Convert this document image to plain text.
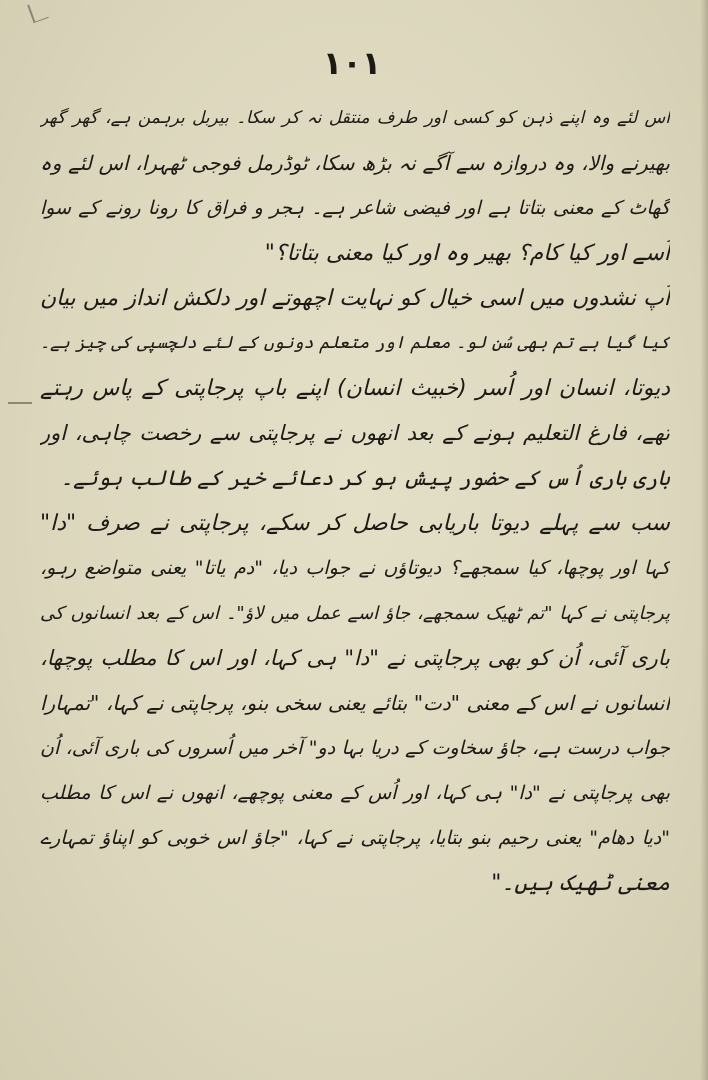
۱۰۱
اس لئے وہ اپنے ذہن کو کسی اور طرف منتقل نہ کر سکا۔ بیربل برہمن ہے، گھر گھر
بھیرنے والا، وہ دروازہ سے آگے نہ بڑھ سکا، ٹوڈرمل فوجی ٹھہرا، اس لئے وہ
گھاٹ کے معنی بتاتا ہے اور فیضی شاعر ہے۔ ہجر و فراق کا رونا رونے کے سوا
اُسے اور کیا کام؟ بھیر وہ اور کیا معنی بتاتا؟"
اُپ نشدوں میں اسی خیال کو نہایت اچھوتے اور دلکش انداز میں بیان
کیا گیا ہے تم بھی سُن لو۔ معلم اور متعلم دونوں کے لئے دلچسپی کی چیز ہے۔
دیوتا، انسان اور اُسر (خبیث انسان) اپنے باپ پرجاپتی کے پاس رہتے
تھے، فارغ التعلیم ہونے کے بعد انھوں نے پرجاپتی سے رخصت چاہی، اور
باری باری اُس کے حضور پیش ہو کر دعائے خیر کے طالب ہوئے۔
سب سے پہلے دیوتا باریابی حاصل کر سکے، پرجاپتی نے صرف "دا"
کہا اور پوچھا، کیا سمجھے؟ دیوتاؤں نے جواب دیا، "دم یاتا" یعنی متواضع رہو،
پرجاپتی نے کہا "تم ٹھیک سمجھے، جاؤ اسے عمل میں لاؤ"۔ اس کے بعد انسانوں کی
باری آئی، اُن کو بھی پرجاپتی نے "دا" ہی کہا، اور اس کا مطلب پوچھا،
انسانوں نے اس کے معنی "دت" بتائے یعنی سخی بنو، پرجاپتی نے کہا، "تمہارا
جواب درست ہے، جاؤ سخاوت کے دریا بہا دو" آخر میں اُسروں کی باری آئی، اُن
بھی پرجاپتی نے "دا" ہی کہا، اور اُس کے معنی پوچھے، انھوں نے اس کا مطلب
"دیا دھام" یعنی رحیم بنو بتایا، پرجاپتی نے کہا، "جاؤ اس خوبی کو اپناؤ تمہارے
معنی ٹھیک ہیں۔"
